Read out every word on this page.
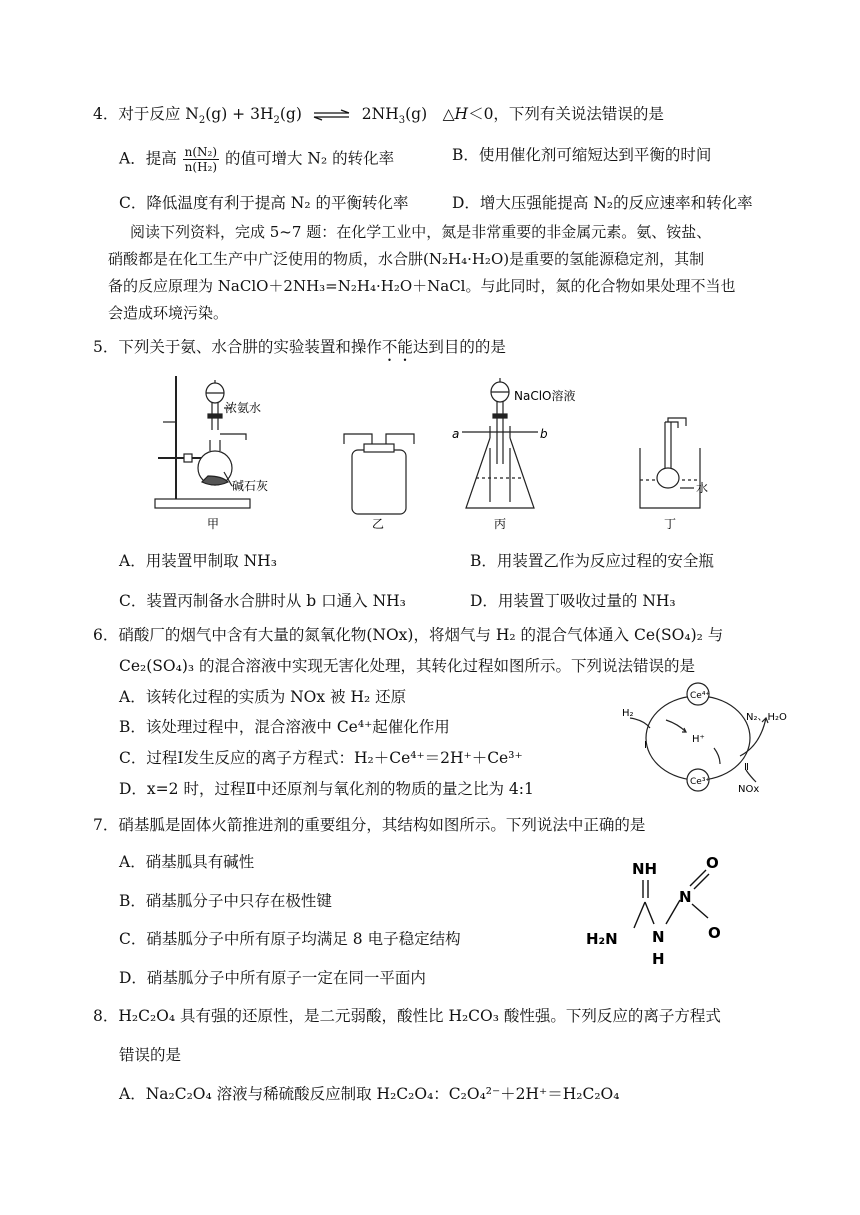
4．对于反应 $N_2(g) + 3H_2(g)$ ⇌ $2NH_3(g)$　△H＜0，下列有关说法错误的是
A．提高 $\frac{\text{n(N₂)}}{\text{n(H₂)}}$ 的值可增大 N₂ 的转化率	B．使用催化剂可缩短达到平衡的时间
C．降低温度有利于提高 N₂ 的平衡转化率	D．增大压强能提高 N₂的反应速率和转化率
阅读下列资料，完成 5~7 题：在化学工业中，氮是非常重要的非金属元素。氨、铵盐、
硝酸都是在化工生产中广泛使用的物质，水合肼(N₂H₄·H₂O)是重要的氢能源稳定剂，其制
备的反应原理为 NaClO＋2NH₃=N₂H₄·H₂O＋NaCl。与此同时，氮的化合物如果处理不当也
会造成环境污染。
5．下列关于氨、水合肼的实验装置和操作不能达到目的的是
浓氨水
碱石灰
甲	乙
NaClO溶液
a	b
丙
水
丁
A．用装置甲制取 NH₃	B．用装置乙作为反应过程的安全瓶
C．装置丙制备水合肼时从 b 口通入 NH₃	D．用装置丁吸收过量的 NH₃
6．硝酸厂的烟气中含有大量的氮氧化物(NOx)，将烟气与 H₂ 的混合气体通入 Ce(SO₄)₂ 与
Ce₂(SO₄)₃ 的混合溶液中实现无害化处理，其转化过程如图所示。下列说法错误的是
A．该转化过程的实质为 NOx 被 H₂ 还原
B．该处理过程中，混合溶液中 Ce⁴⁺起催化作用
C．过程Ⅰ发生反应的离子方程式：H₂＋Ce⁴⁺＝2H⁺＋Ce³⁺
D．x=2 时，过程Ⅱ中还原剂与氧化剂的物质的量之比为 4:1
Ce⁴⁺
Ce³⁺
H₂
H⁺
N₂、H₂O
NOx
Ⅰ
Ⅱ
7．硝基胍是固体火箭推进剂的重要组分，其结构如图所示。下列说法中正确的是
A．硝基胍具有碱性
B．硝基胍分子中只存在极性键
C．硝基胍分子中所有原子均满足 8 电子稳定结构
D．硝基胍分子中所有原子一定在同一平面内
NH	O
N
O
H₂N N
H
8．H₂C₂O₄ 具有强的还原性，是二元弱酸，酸性比 H₂CO₃ 酸性强。下列反应的离子方程式
错误的是
A．Na₂C₂O₄ 溶液与稀硫酸反应制取 H₂C₂O₄：C₂O₄²⁻＋2H⁺＝H₂C₂O₄
